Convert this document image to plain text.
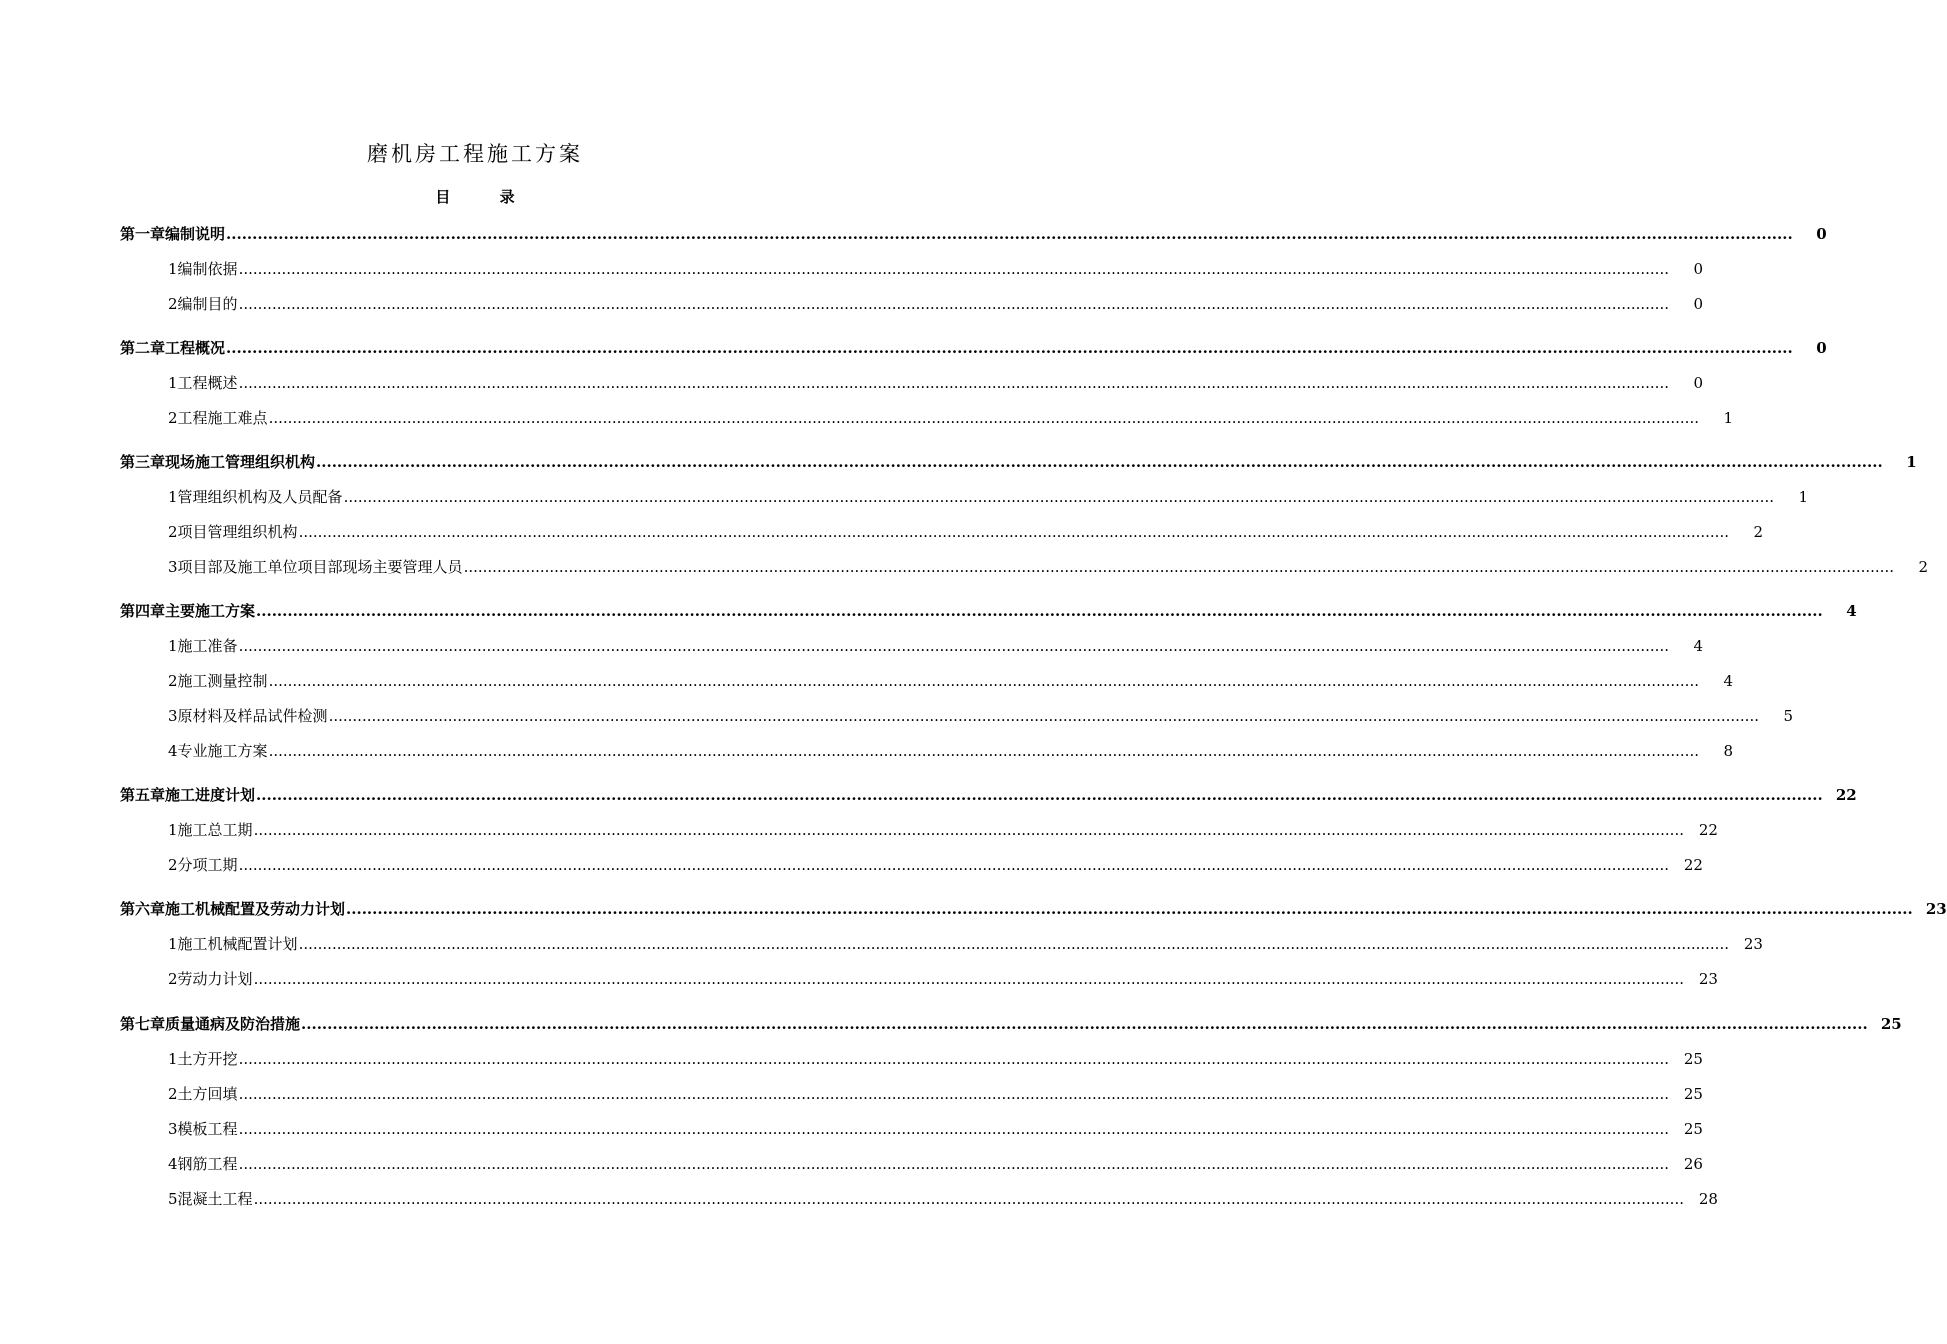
磨机房工程施工方案
目 录
第一章 编制说明 ............................................................................................................................................................................................................................................................................................................	0
1 编制依据 ............................................................................................................................................................................................................................................................................................................	0
2 编制目的 ............................................................................................................................................................................................................................................................................................................	0
第二章 工程概况 ............................................................................................................................................................................................................................................................................................................	0
1 工程概述 ............................................................................................................................................................................................................................................................................................................	0
2 工程施工难点 ............................................................................................................................................................................................................................................................................................................	1
第三章 现场施工管理组织机构 ............................................................................................................................................................................................................................................................................................................	1
1 管理组织机构及人员配备 ............................................................................................................................................................................................................................................................................................................	1
2 项目管理组织机构 ............................................................................................................................................................................................................................................................................................................	2
3 项目部及施工单位项目部现场主要管理人员 ............................................................................................................................................................................................................................................................................................................	2
第四章 主要施工方案 ............................................................................................................................................................................................................................................................................................................	4
1 施工准备 ............................................................................................................................................................................................................................................................................................................	4
2 施工测量控制 ............................................................................................................................................................................................................................................................................................................	4
3 原材料及样品试件检测 ............................................................................................................................................................................................................................................................................................................	5
4 专业施工方案 ............................................................................................................................................................................................................................................................................................................	8
第五章 施工进度计划 ............................................................................................................................................................................................................................................................................................................ 22
1 施工总工期 ............................................................................................................................................................................................................................................................................................................ 22
2 分项工期 ............................................................................................................................................................................................................................................................................................................ 22
第六章 施工机械配置及劳动力计划 ............................................................................................................................................................................................................................................................................................................ 23
1 施工机械配置计划 ............................................................................................................................................................................................................................................................................................................ 23
2 劳动力计划 ............................................................................................................................................................................................................................................................................................................ 23
第七章 质量通病及防治措施 ............................................................................................................................................................................................................................................................................................................ 25
1 土方开挖 ............................................................................................................................................................................................................................................................................................................ 25
2 土方回填 ............................................................................................................................................................................................................................................................................................................ 25
3 模板工程 ............................................................................................................................................................................................................................................................................................................ 25
4 钢筋工程 ............................................................................................................................................................................................................................................................................................................ 26
5 混凝土工程 ............................................................................................................................................................................................................................................................................................................ 28
